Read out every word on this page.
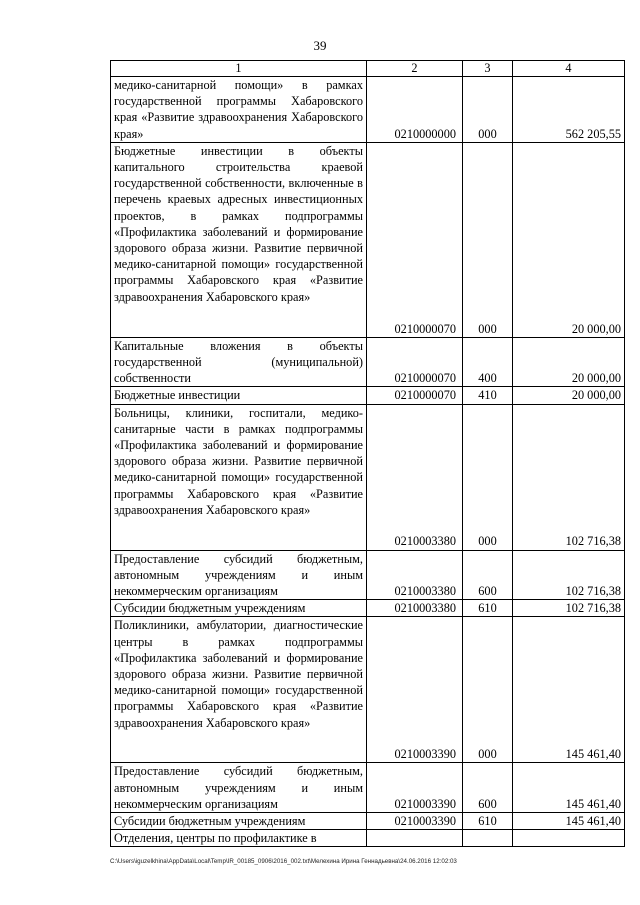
39
1	2	3	4
медико-санитарной помощи» в рамках государственной программы Хабаровского края «Развитие здравоохранения Хабаровского края»	0210000000	000	562 205,55
Бюджетные инвестиции в объекты капитального строительства краевой государственной собственности, включенные в перечень краевых адресных инвестиционных проектов, в рамках подпрограммы «Профилактика заболеваний и формирование здорового образа жизни. Развитие первичной медико-санитарной помощи» государственной программы Хабаровского края «Развитие здравоохранения Хабаровского края»	0210000070	000	20 000,00
Капитальные вложения в объекты государственной (муниципальной) собственности	0210000070	400	20 000,00
Бюджетные инвестиции	0210000070	410	20 000,00
Больницы, клиники, госпитали, медико-санитарные части в рамках подпрограммы «Профилактика заболеваний и формирование здорового образа жизни. Развитие первичной медико-санитарной помощи» государственной программы Хабаровского края «Развитие здравоохранения Хабаровского края»	0210003380	000	102 716,38
Предоставление субсидий бюджетным, автономным учреждениям и иным некоммерческим организациям	0210003380	600	102 716,38
Субсидии бюджетным учреждениям	0210003380	610	102 716,38
Поликлиники, амбулатории, диагностические центры в рамках подпрограммы «Профилактика заболеваний и формирование здорового образа жизни. Развитие первичной медико-санитарной помощи» государственной программы Хабаровского края «Развитие здравоохранения Хабаровского края»	0210003390	000	145 461,40
Предоставление субсидий бюджетным, автономным учреждениям и иным некоммерческим организациям	0210003390	600	145 461,40
Субсидии бюджетным учреждениям	0210003390	610	145 461,40
Отделения, центры по профилактике в			
C:\Users\iguzelkhina\AppData\Local\Temp\IR_00185_0906\2016_002.txt\Мелехина Ирина Геннадьевна\24.06.2016 12:02:03
